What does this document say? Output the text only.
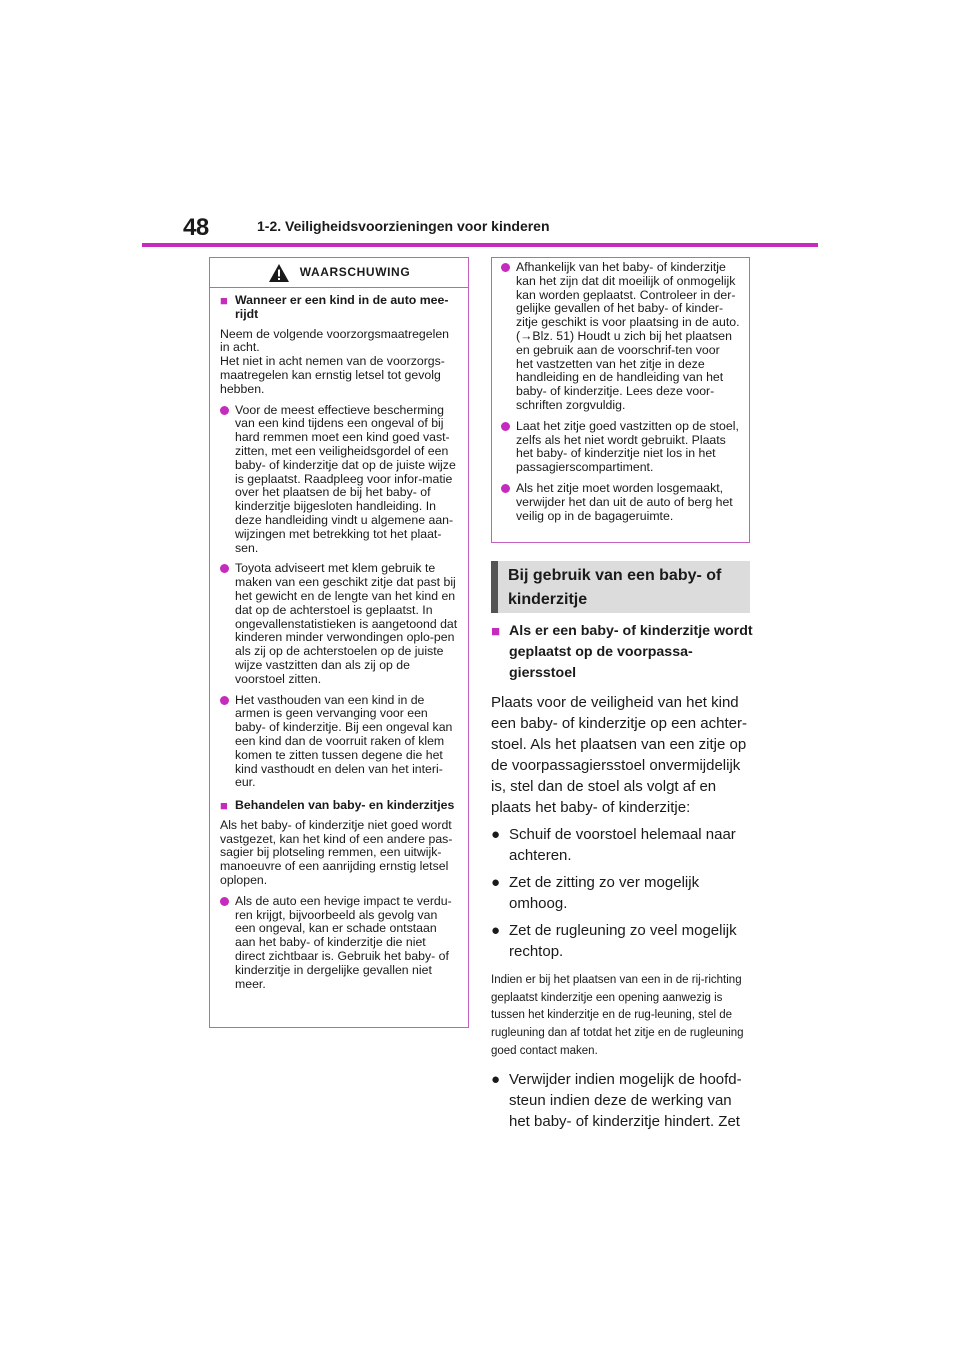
48	1-2. Veiligheidsvoorzieningen voor kinderen
WAARSCHUWING
■ Wanneer er een kind in de auto mee-rijdt
Neem de volgende voorzorgsmaatregelen in acht.
Het niet in acht nemen van de voorzorgs-maatregelen kan ernstig letsel tot gevolg hebben.
Voor de meest effectieve bescherming van een kind tijdens een ongeval of bij hard remmen moet een kind goed vast-zitten, met een veiligheidsgordel of een baby- of kinderzitje dat op de juiste wijze is geplaatst. Raadpleeg voor infor-matie over het plaatsen de bij het baby- of kinderzitje bijgesloten handleiding. In deze handleiding vindt u algemene aan-wijzingen met betrekking tot het plaat-sen.
Toyota adviseert met klem gebruik te maken van een geschikt zitje dat past bij het gewicht en de lengte van het kind en dat op de achterstoel is geplaatst. In ongevallenstatistieken is aangetoond dat kinderen minder verwondingen oplo-pen als zij op de achterstoelen op de juiste wijze vastzitten dan als zij op de voorstoel zitten.
Het vasthouden van een kind in de armen is geen vervanging voor een baby- of kinderzitje. Bij een ongeval kan een kind dan de voorruit raken of klem komen te zitten tussen degene die het kind vasthoudt en delen van het interi-eur.
■ Behandelen van baby- en kinderzitjes
Als het baby- of kinderzitje niet goed wordt vastgezet, kan het kind of een andere pas-sagier bij plotseling remmen, een uitwijk-manoeuvre of een aanrijding ernstig letsel oplopen.
Als de auto een hevige impact te verdu-ren krijgt, bijvoorbeeld als gevolg van een ongeval, kan er schade ontstaan aan het baby- of kinderzitje die niet direct zichtbaar is. Gebruik het baby- of kinderzitje in dergelijke gevallen niet meer.
Afhankelijk van het baby- of kinderzitje kan het zijn dat dit moeilijk of onmogelijk kan worden geplaatst. Controleer in der-gelijke gevallen of het baby- of kinder-zitje geschikt is voor plaatsing in de auto. (→Blz. 51) Houdt u zich bij het plaatsen en gebruik aan de voorschrif-ten voor het vastzetten van het zitje in deze handleiding en de handleiding van het baby- of kinderzitje. Lees deze voor-schriften zorgvuldig.
Laat het zitje goed vastzitten op de stoel, zelfs als het niet wordt gebruikt. Plaats het baby- of kinderzitje niet los in het passagierscompartiment.
Als het zitje moet worden losgemaakt, verwijder het dan uit de auto of berg het veilig op in de bagageruimte.
Bij gebruik van een baby- of
kinderzitje
■ Als er een baby- of kinderzitje wordt geplaatst op de voorpassa-giersstoel
Plaats voor de veiligheid van het kind een baby- of kinderzitje op een achter-stoel. Als het plaatsen van een zitje op de voorpassagiersstoel onvermijdelijk is, stel dan de stoel als volgt af en plaats het baby- of kinderzitje:
● Schuif de voorstoel helemaal naar achteren.
● Zet de zitting zo ver mogelijk omhoog.
● Zet de rugleuning zo veel mogelijk rechtop.
Indien er bij het plaatsen van een in de rij-richting geplaatst kinderzitje een opening aanwezig is tussen het kinderzitje en de rug-leuning, stel de rugleuning dan af totdat het zitje en de rugleuning goed contact maken.
● Verwijder indien mogelijk de hoofd-steun indien deze de werking van het baby- of kinderzitje hindert. Zet
